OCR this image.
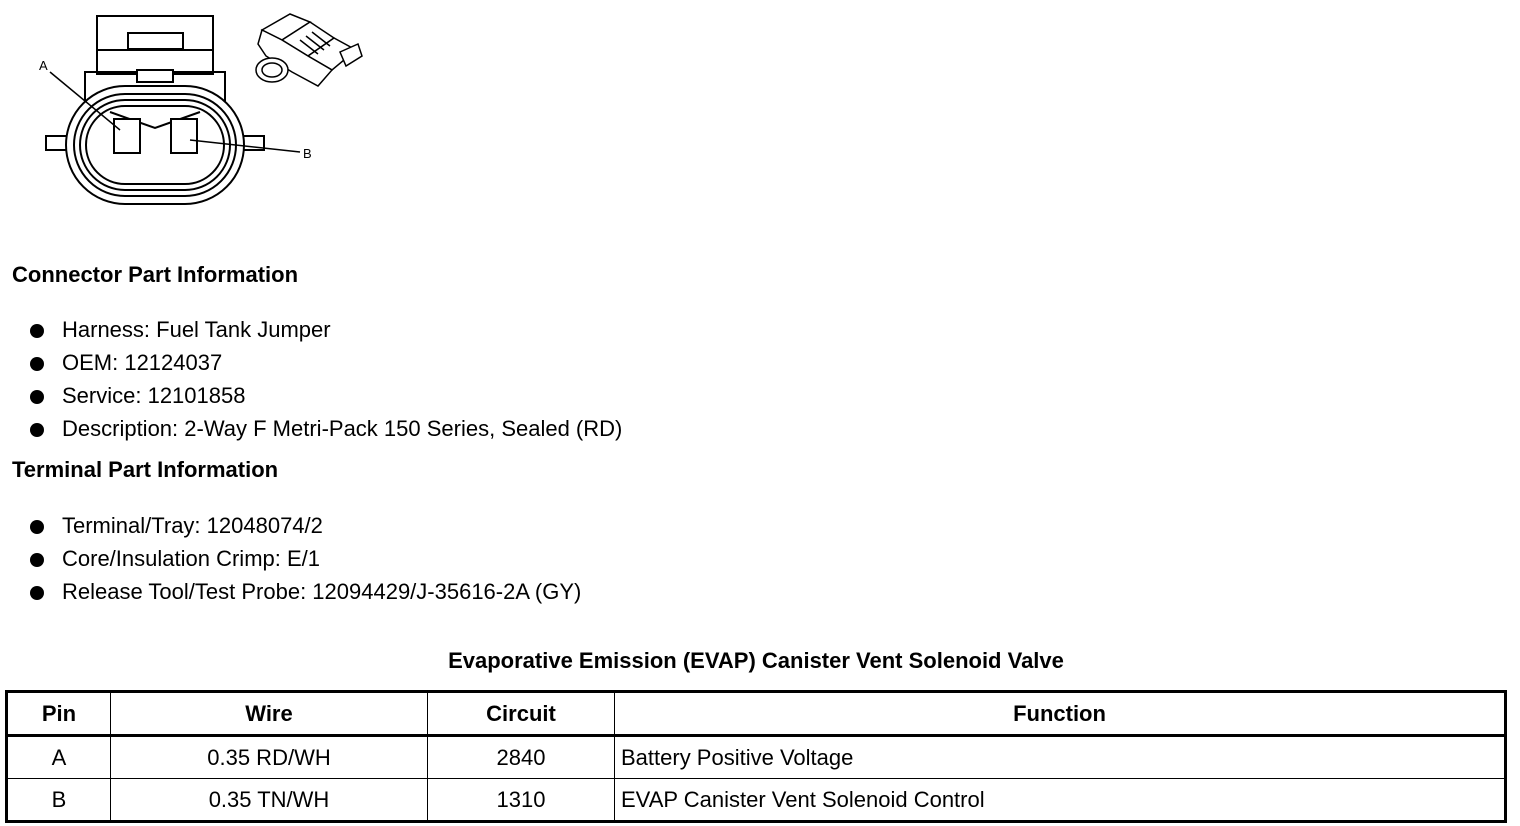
A
B
Connector Part Information
Harness: Fuel Tank Jumper
OEM: 12124037
Service: 12101858
Description: 2-Way F Metri-Pack 150 Series, Sealed (RD)
Terminal Part Information
Terminal/Tray: 12048074/2
Core/Insulation Crimp: E/1
Release Tool/Test Probe: 12094429/J-35616-2A (GY)
Evaporative Emission (EVAP) Canister Vent Solenoid Valve
Pin	Wire	Circuit	Function
A	0.35 RD/WH	2840	Battery Positive Voltage
B	0.35 TN/WH	1310	EVAP Canister Vent Solenoid Control
